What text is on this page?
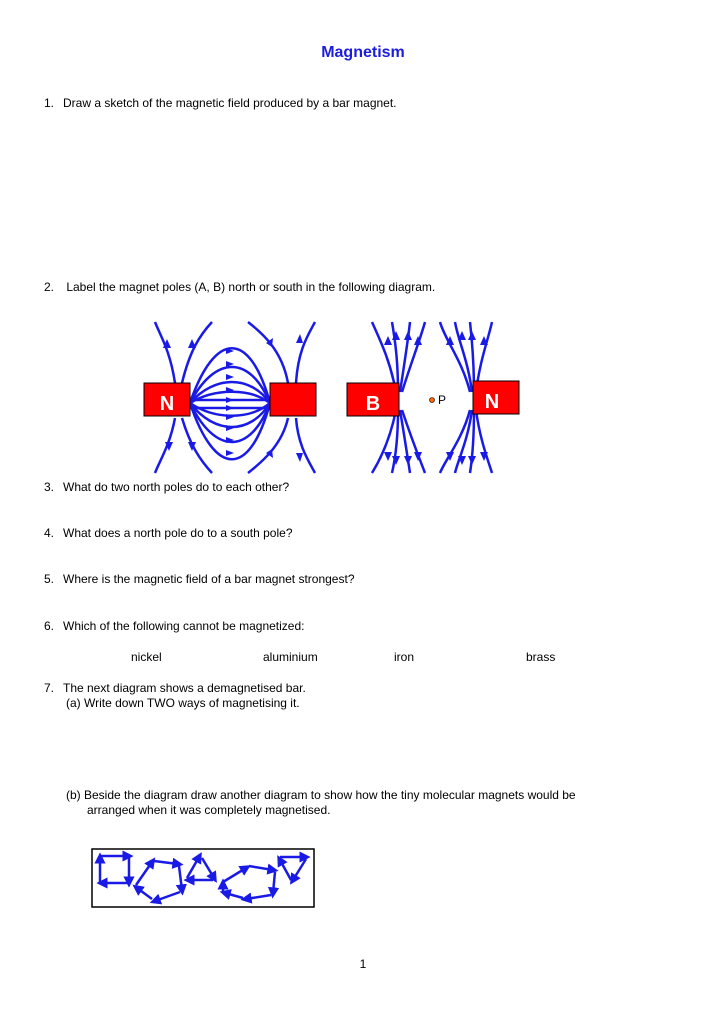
Magnetism
1. Draw a sketch of the magnetic field produced by a bar magnet.
2. Label the magnet poles (A, B) north or south in the following diagram.
N	B	N
P
3. What do two north poles do to each other?
4. What does a north pole do to a south pole?
5. Where is the magnetic field of a bar magnet strongest?
6. Which of the following cannot be magnetized:
nickel	aluminium	iron	brass
7. The next diagram shows a demagnetised bar.
(a) Write down TWO ways of magnetising it.
(b) Beside the diagram draw another diagram to show how the tiny molecular magnets would be
arranged when it was completely magnetised.
1
